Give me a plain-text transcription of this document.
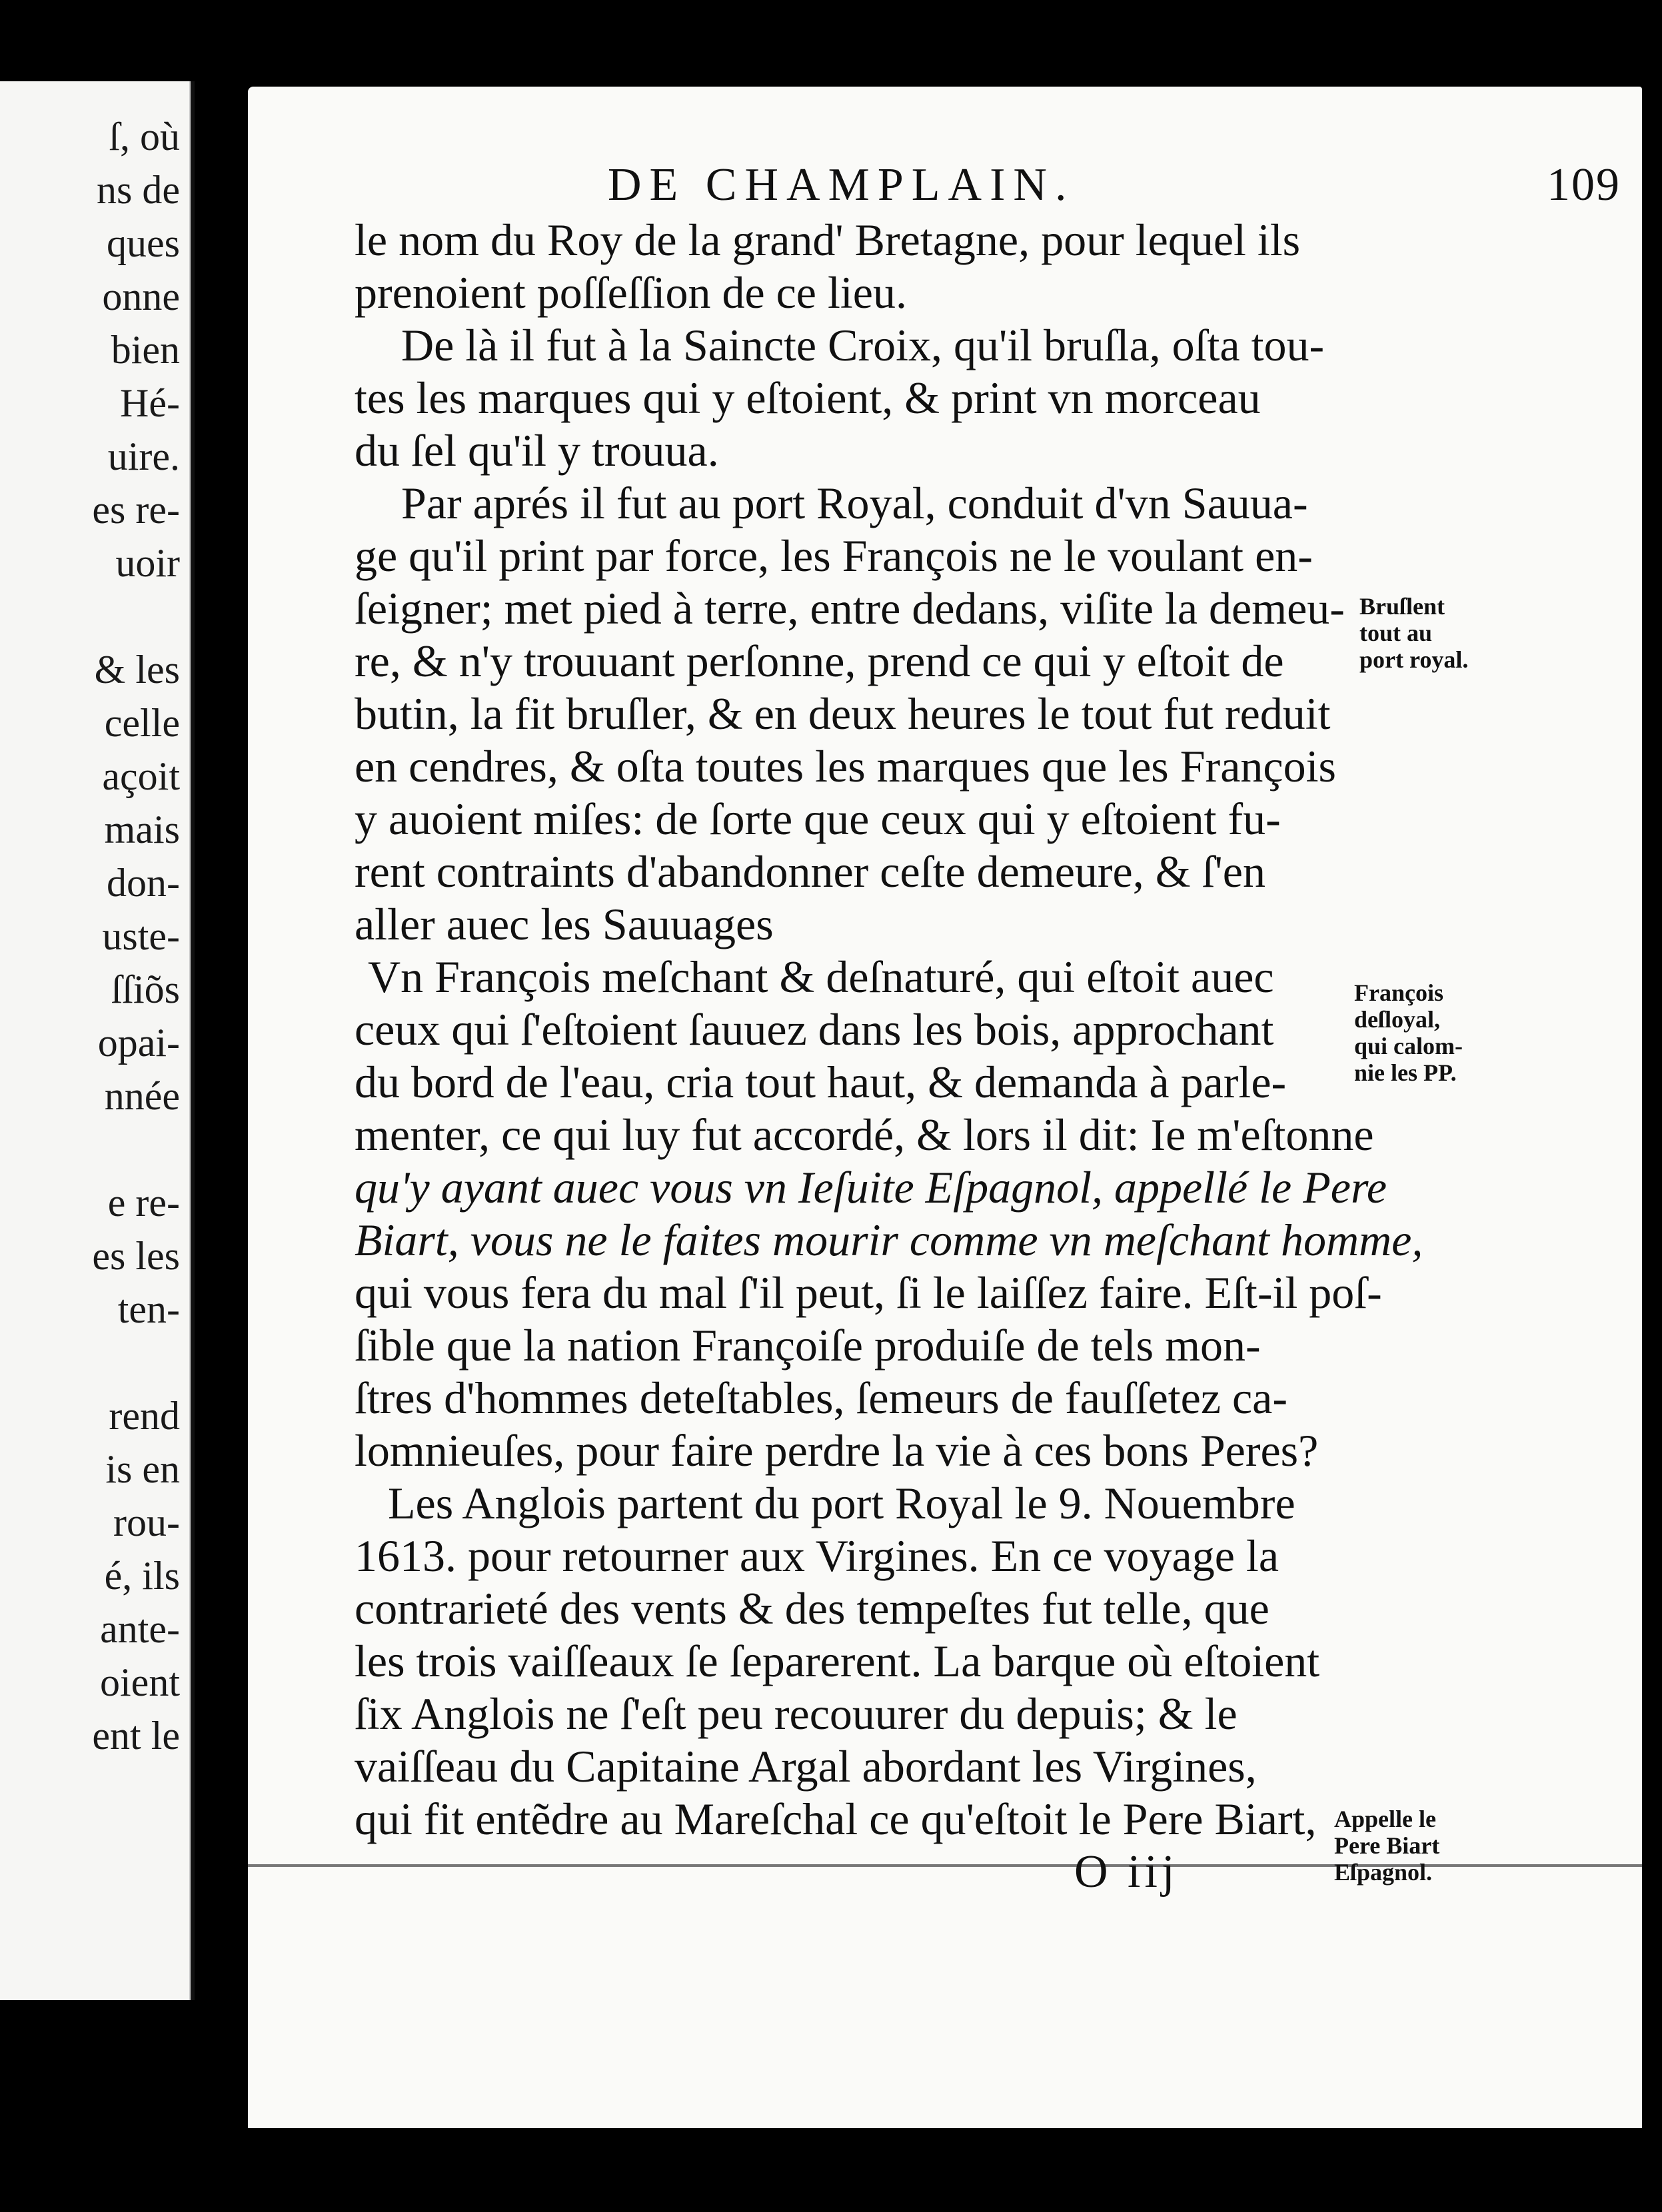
ſ, où
ns de
ques
onne
bien
Hé-
uire.
es re-
uoir
& les
celle
açoit
mais
don-
uste-
ſſiõs
opai-
nnée
e re-
es les
ten-
rend
is en
rou-
é, ils
ante-
oient
ent le
DE CHAMPLAIN.	109
le nom du Roy de la grand' Bretagne, pour lequel ils
prenoient poſſeſſion de ce lieu.
De là il fut à la Saincte Croix, qu'il bruſla, oſta tou-
tes les marques qui y eſtoient, & print vn morceau
du ſel qu'il y trouua.
Par aprés il fut au port Royal, conduit d'vn Sauua-
ge qu'il print par force, les François ne le voulant en-
ſeigner; met pied à terre, entre dedans, viſite la demeu-
re, & n'y trouuant perſonne, prend ce qui y eſtoit de
butin, la fit bruſler, & en deux heures le tout fut reduit
en cendres, & oſta toutes les marques que les François
y auoient miſes: de ſorte que ceux qui y eſtoient fu-
rent contraints d'abandonner ceſte demeure, & ſ'en
aller auec les Sauuages
Vn François meſchant & deſnaturé, qui eſtoit auec
ceux qui ſ'eſtoient ſauuez dans les bois, approchant
du bord de l'eau, cria tout haut, & demanda à parle-
menter, ce qui luy fut accordé, & lors il dit: Ie m'eſtonne
qu'y ayant auec vous vn Ieſuite Eſpagnol, appellé le Pere
Biart, vous ne le faites mourir comme vn meſchant homme,
qui vous fera du mal ſ'il peut, ſi le laiſſez faire. Eſt-il poſ-
ſible que la nation Françoiſe produiſe de tels mon-
ſtres d'hommes deteſtables, ſemeurs de fauſſetez ca-
lomnieuſes, pour faire perdre la vie à ces bons Peres?
Les Anglois partent du port Royal le 9. Nouembre
1613. pour retourner aux Virgines. En ce voyage la
contrarieté des vents & des tempeſtes fut telle, que
les trois vaiſſeaux ſe ſeparerent. La barque où eſtoient
ſix Anglois ne ſ'eſt peu recouurer du depuis; & le
vaiſſeau du Capitaine Argal abordant les Virgines,
qui fit entẽdre au Mareſchal ce qu'eſtoit le Pere Biart,
O iij
Bruſlent
tout au
port royal.
François
deſloyal,
qui calom-
nie les PP.
Appelle le
Pere Biart
Eſpagnol.
